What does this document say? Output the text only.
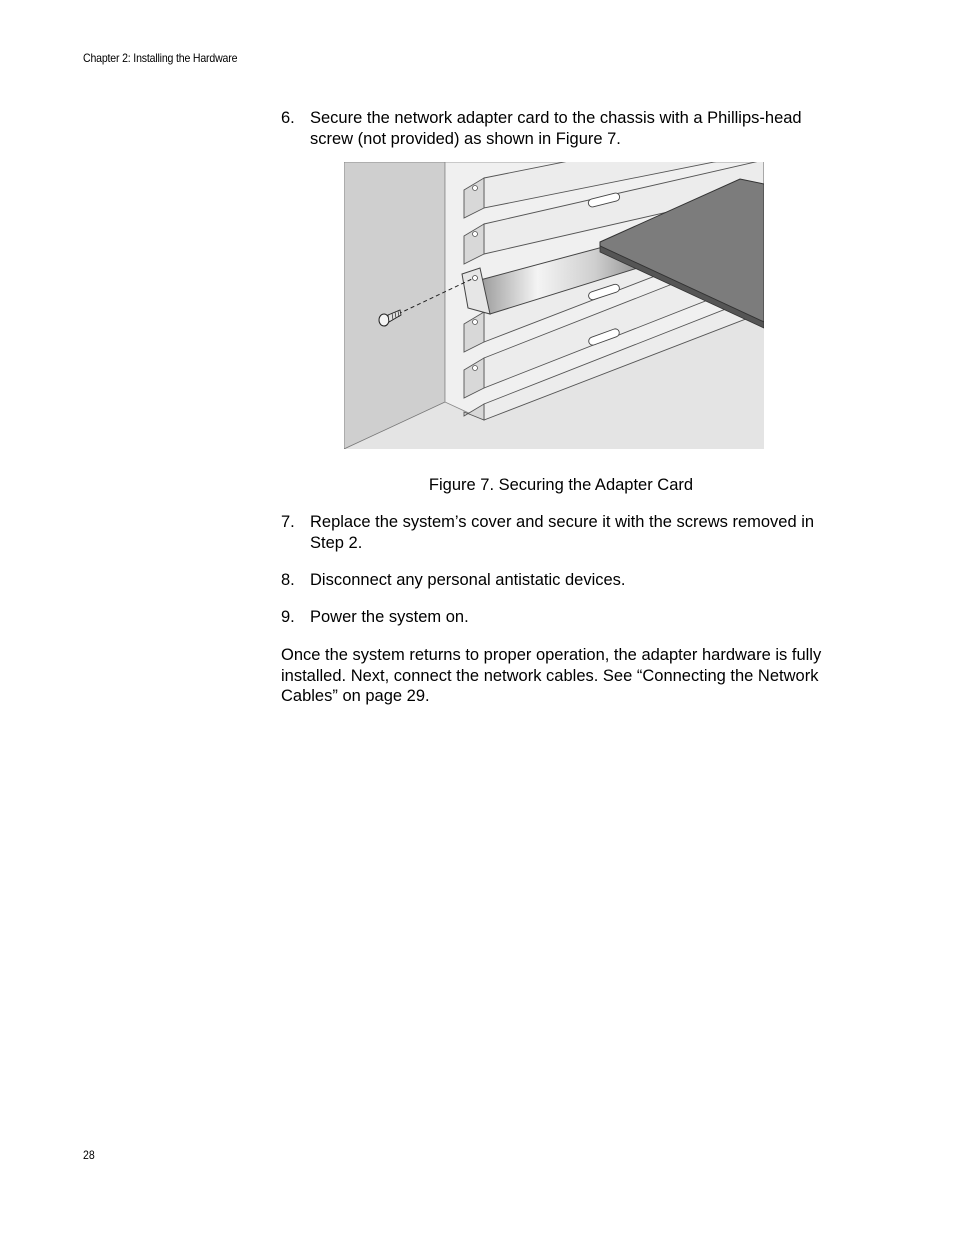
Chapter 2: Installing the Hardware
6. Secure the network adapter card to the chassis with a Phillips-head screw (not provided) as shown in Figure 7.
Figure 7. Securing the Adapter Card
7. Replace the system’s cover and secure it with the screws removed in Step 2.
8. Disconnect any personal antistatic devices.
9. Power the system on.
Once the system returns to proper operation, the adapter hardware is fully installed. Next, connect the network cables. See “Connecting the Network Cables” on page 29.
28
